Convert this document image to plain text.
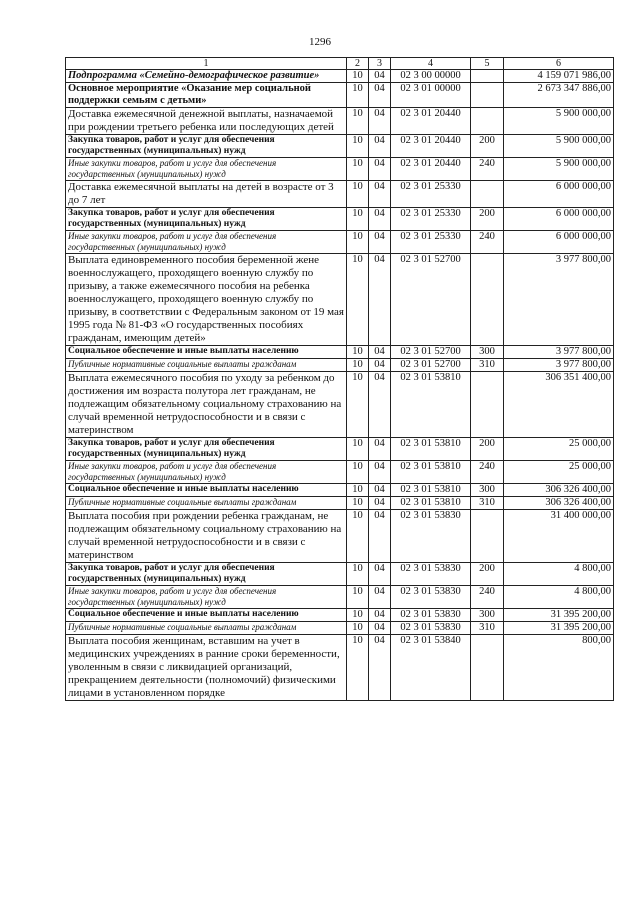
1296
1	2	3	4	5	6
Подпрограмма «Семейно-демографическое развитие»	10	04	02 3 00 00000		4 159 071 986,00
Основное мероприятие «Оказание мер социальной поддержки семьям с детьми»	10	04	02 3 01 00000		2 673 347 886,00
Доставка ежемесячной денежной выплаты, назначаемой при рождении третьего ребенка или последующих детей	10	04	02 3 01 20440		5 900 000,00
Закупка товаров, работ и услуг для обеспечения государственных (муниципальных) нужд	10	04	02 3 01 20440	200	5 900 000,00
Иные закупки товаров, работ и услуг для обеспечения государственных (муниципальных) нужд	10	04	02 3 01 20440	240	5 900 000,00
Доставка ежемесячной выплаты на детей в возрасте от 3 до 7 лет	10	04	02 3 01 25330		6 000 000,00
Закупка товаров, работ и услуг для обеспечения государственных (муниципальных) нужд	10	04	02 3 01 25330	200	6 000 000,00
Иные закупки товаров, работ и услуг для обеспечения государственных (муниципальных) нужд	10	04	02 3 01 25330	240	6 000 000,00
Выплата единовременного пособия беременной жене военнослужащего, проходящего военную службу по призыву, а также ежемесячного пособия на ребенка военнослужащего, проходящего военную службу по призыву, в соответствии с Федеральным законом от 19 мая 1995 года № 81-ФЗ «О государственных пособиях гражданам, имеющим детей»	10	04	02 3 01 52700		3 977 800,00
Социальное обеспечение и иные выплаты населению	10	04	02 3 01 52700	300	3 977 800,00
Публичные нормативные социальные выплаты гражданам	10	04	02 3 01 52700	310	3 977 800,00
Выплата ежемесячного пособия по уходу за ребенком до достижения им возраста полутора лет гражданам, не подлежащим обязательному социальному страхованию на случай временной нетрудоспособности и в связи с материнством	10	04	02 3 01 53810		306 351 400,00
Закупка товаров, работ и услуг для обеспечения государственных (муниципальных) нужд	10	04	02 3 01 53810	200	25 000,00
Иные закупки товаров, работ и услуг для обеспечения государственных (муниципальных) нужд	10	04	02 3 01 53810	240	25 000,00
Социальное обеспечение и иные выплаты населению	10	04	02 3 01 53810	300	306 326 400,00
Публичные нормативные социальные выплаты гражданам	10	04	02 3 01 53810	310	306 326 400,00
Выплата пособия при рождении ребенка гражданам, не подлежащим обязательному социальному страхованию на случай временной нетрудоспособности и в связи с материнством	10	04	02 3 01 53830		31 400 000,00
Закупка товаров, работ и услуг для обеспечения государственных (муниципальных) нужд	10	04	02 3 01 53830	200	4 800,00
Иные закупки товаров, работ и услуг для обеспечения государственных (муниципальных) нужд	10	04	02 3 01 53830	240	4 800,00
Социальное обеспечение и иные выплаты населению	10	04	02 3 01 53830	300	31 395 200,00
Публичные нормативные социальные выплаты гражданам	10	04	02 3 01 53830	310	31 395 200,00
Выплата пособия женщинам, вставшим на учет в медицинских учреждениях в ранние сроки беременности, уволенным в связи с ликвидацией организаций, прекращением деятельности (полномочий) физическими лицами в установленном порядке	10	04	02 3 01 53840		800,00
